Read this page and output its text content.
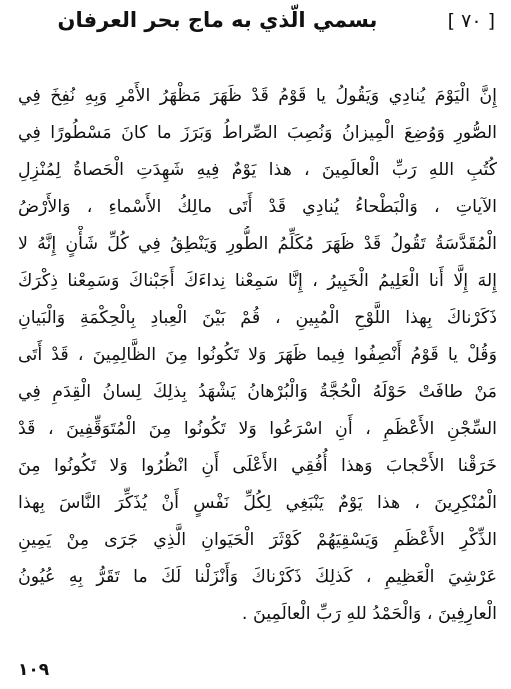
[ ٧٠ ]
بسمي الّذي به ماج بحر العرفان
إِنَّ الْيَوْمَ يُنادِي وَيَقُولُ يا قَوْمُ قَدْ ظَهَرَ مَظْهَرُ الأَمْرِ وَبِهِ نُفِخَ فِي
الصُّورِ وَوُضِعَ الْمِيزانُ وَنُصِبَ الصِّراطُ وَبَرَزَ ما كانَ مَسْطُورًا فِي
كُتُبِ اللهِ رَبِّ الْعالَمِينَ ، هذا يَوْمٌ فِيهِ شَهِدَتِ الْحَصاةُ لِمُنْزِلِ
الآياتِ ، وَالْبَطْحاءُ يُنادِي قَدْ أَتَى مالِكُ الأَسْماءِ ، وَالأَرْضُ
الْمُقَدَّسَةُ تَقُولُ قَدْ ظَهَرَ مُكَلِّمُ الطُّورِ وَيَنْطِقُ فِي كُلِّ شَأْنٍ إِنَّهُ لا
إِلهَ إِلَّا أَنا الْعَلِيمُ الْخَبِيرُ ، إِنَّا سَمِعْنا نِداءَكَ أَجَبْناكَ وَسَمِعْنا ذِكْرَكَ
ذَكَرْناكَ بِهذا اللَّوْحِ الْمُبِينِ ، قُمْ بَيْنَ الْعِبادِ بِالْحِكْمَةِ وَالْبَيانِ
وَقُلْ يا قَوْمُ أَنْصِفُوا فِيما ظَهَرَ وَلا تَكُونُوا مِنَ الظَّالِمِينَ ، قَدْ أَتَى
مَنْ طافَتْ حَوْلَهُ الْحُجَّةُ وَالْبُرْهانُ يَشْهَدُ بِذلِكَ لِسانُ الْقِدَمِ فِي
السِّجْنِ الأَعْظَمِ ، أَنِ اسْرَعُوا وَلا تَكُونُوا مِنَ الْمُتَوَقِّفِينَ ، قَدْ
خَرَقْنا الأَحْجابَ وَهذا أُفُقِي الأَعْلَى أَنِ انْظُرُوا وَلا تَكُونُوا مِنَ
الْمُنْكِرِينَ ، هذا يَوْمٌ يَنْبَغِي لِكُلِّ نَفْسٍ أَنْ يُذَكِّرَ النَّاسَ بِهذا
الذِّكْرِ الأَعْظَمِ وَيَسْقِيَهُمْ كَوْثَرَ الْحَيَوانِ الَّذِي جَرَى مِنْ يَمِينِ
عَرْشِيَ الْعَظِيمِ ، كَذلِكَ ذَكَرْناكَ وَأَنْزَلْنا لَكَ ما تَقَرُّ بِهِ عُيُونُ
الْعارِفِينَ ، وَالْحَمْدُ للهِ رَبِّ الْعالَمِينَ .
١٠٩
